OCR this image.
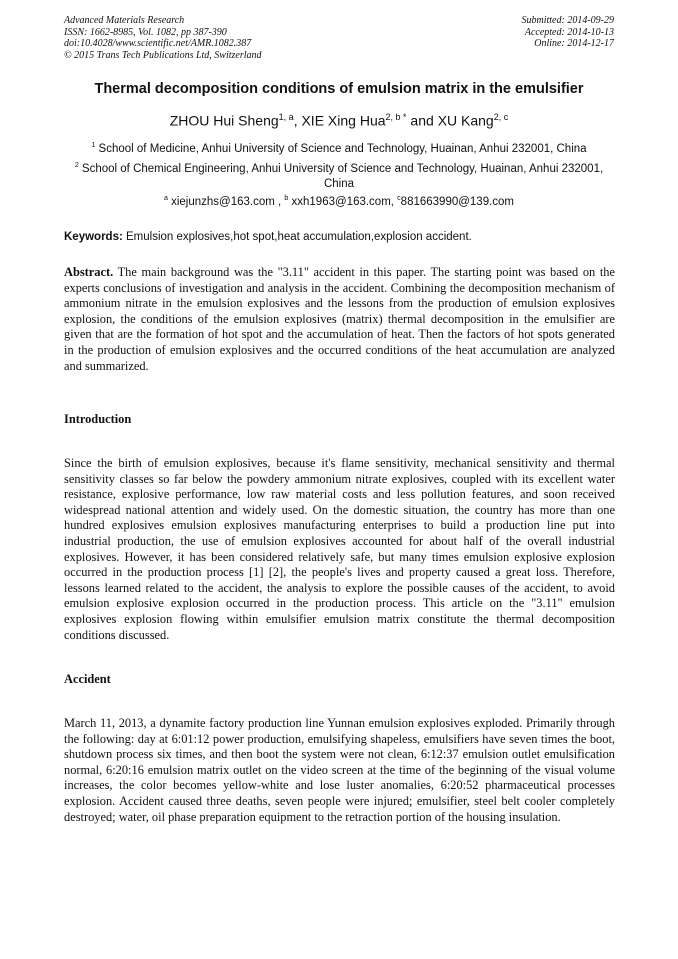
Advanced Materials Research
ISSN: 1662-8985, Vol. 1082, pp 387-390
doi:10.4028/www.scientific.net/AMR.1082.387
© 2015 Trans Tech Publications Ltd, Switzerland
Submitted: 2014-09-29
Accepted: 2014-10-13
Online: 2014-12-17
Thermal decomposition conditions of emulsion matrix in the emulsifier
ZHOU Hui Sheng$^{1, a}$, XIE Xing Hua$^{2, b *}$ and XU Kang$^{2, c}$
$^1$ School of Medicine, Anhui University of Science and Technology, Huainan, Anhui 232001, China
$^2$ School of Chemical Engineering, Anhui University of Science and Technology, Huainan, Anhui 232001, China
$^a$ xiejunzhs@163.com , $^b$ xxh1963@163.com, $^c$881663990@139.com
Keywords: Emulsion explosives,hot spot,heat accumulation,explosion accident.

Abstract. The main background was the "3.11" accident in this paper. The starting point was based on the experts conclusions of investigation and analysis in the accident. Combining the decomposition mechanism of ammonium nitrate in the emulsion explosives and the lessons from the production of emulsion explosives explosion, the conditions of the emulsion explosives (matrix) thermal decomposition in the emulsifier are given that are the formation of hot spot and the accumulation of heat. Then the factors of hot spots generated in the production of emulsion explosives and the occurred conditions of the heat accumulation are analyzed and summarized.

Introduction

Since the birth of emulsion explosives, because it's flame sensitivity, mechanical sensitivity and thermal sensitivity classes so far below the powdery ammonium nitrate explosives, coupled with its excellent water resistance, explosive performance, low raw material costs and less pollution features, and soon received widespread national attention and widely used. On the domestic situation, the country has more than one hundred explosives emulsion explosives manufacturing enterprises to build a production line put into industrial production, the use of emulsion explosives accounted for about half of the overall industrial explosives. However, it has been considered relatively safe, but many times emulsion explosive explosion occurred in the production process [1] [2], the people's lives and property caused a great loss. Therefore, lessons learned related to the accident, the analysis to explore the possible causes of the accident, to avoid emulsion explosive explosion occurred in the production process. This article on the "3.11" emulsion explosives explosion flowing within emulsifier emulsion matrix constitute the thermal decomposition conditions discussed.

Accident

March 11, 2013, a dynamite factory production line Yunnan emulsion explosives exploded. Primarily through the following: day at 6:01:12 power production, emulsifying shapeless, emulsifiers have seven times the boot, shutdown process six times, and then boot the system were not clean, 6:12:37 emulsion outlet emulsification normal, 6:20:16 emulsion matrix outlet on the video screen at the time of the beginning of the visual volume increases, the color becomes yellow-white and lose luster anomalies, 6:20:52 pharmaceutical processes explosion. Accident caused three deaths, seven people were injured; emulsifier, steel belt cooler completely destroyed; water, oil phase preparation equipment to the retraction portion of the housing insulation.
